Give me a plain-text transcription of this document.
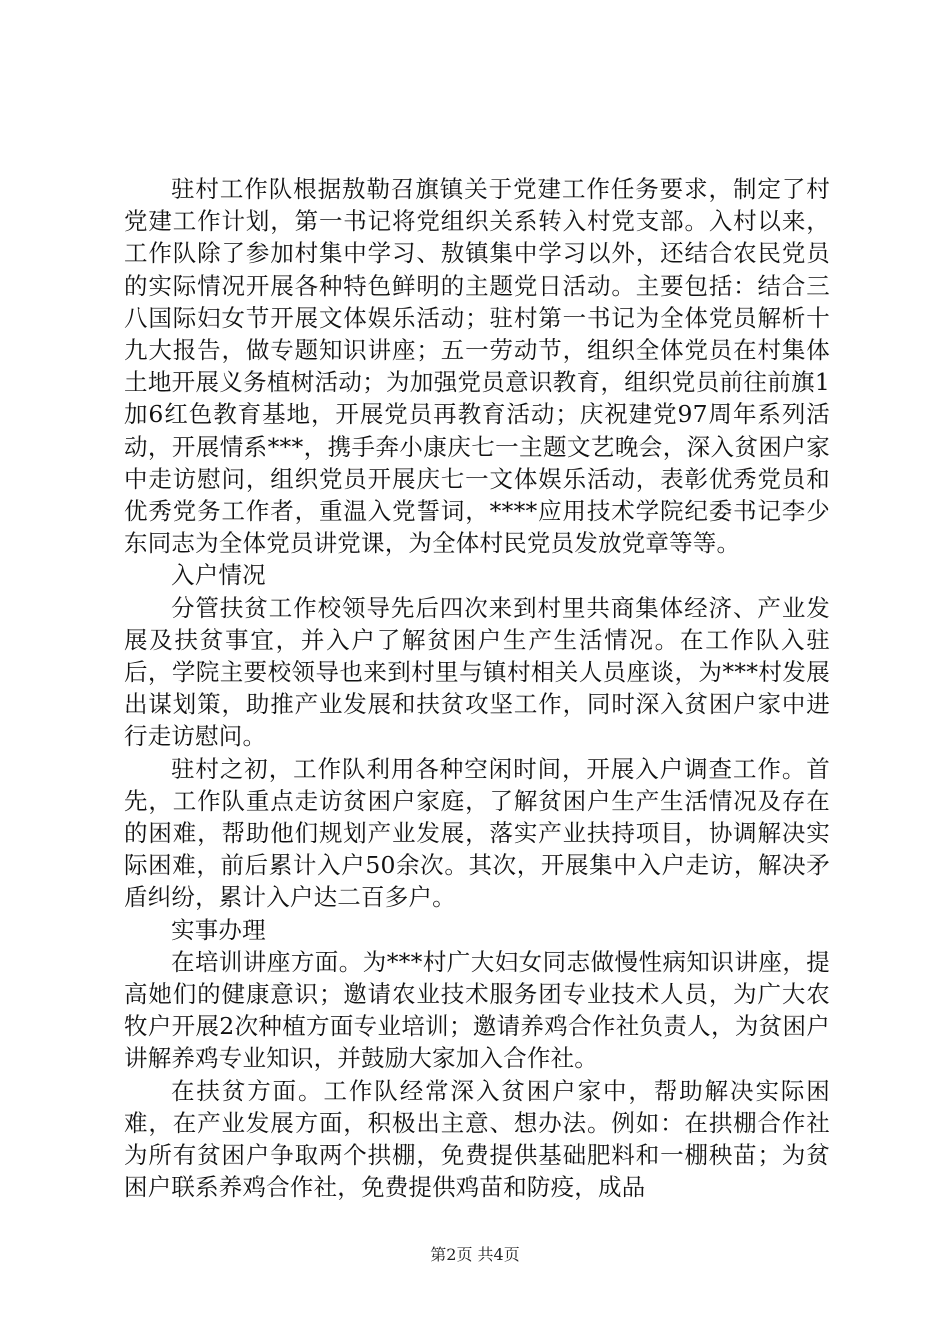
驻村工作队根据敖勒召旗镇关于党建工作任务要求，制定了村党建工作计划，第一书记将党组织关系转入村党支部。入村以来，工作队除了参加村集中学习、敖镇集中学习以外，还结合农民党员的实际情况开展各种特色鲜明的主题党日活动。主要包括：结合三八国际妇女节开展文体娱乐活动；驻村第一书记为全体党员解析十九大报告，做专题知识讲座；五一劳动节，组织全体党员在村集体土地开展义务植树活动；为加强党员意识教育，组织党员前往前旗1加6红色教育基地，开展党员再教育活动；庆祝建党97周年系列活动，开展情系***，携手奔小康庆七一主题文艺晚会，深入贫困户家中走访慰问，组织党员开展庆七一文体娱乐活动，表彰优秀党员和优秀党务工作者，重温入党誓词，****应用技术学院纪委书记李少东同志为全体党员讲党课，为全体村民党员发放党章等等。

入户情况

分管扶贫工作校领导先后四次来到村里共商集体经济、产业发展及扶贫事宜，并入户了解贫困户生产生活情况。在工作队入驻后，学院主要校领导也来到村里与镇村相关人员座谈，为***村发展出谋划策，助推产业发展和扶贫攻坚工作，同时深入贫困户家中进行走访慰问。

驻村之初，工作队利用各种空闲时间，开展入户调查工作。首先，工作队重点走访贫困户家庭，了解贫困户生产生活情况及存在的困难，帮助他们规划产业发展，落实产业扶持项目，协调解决实际困难，前后累计入户50余次。其次，开展集中入户走访，解决矛盾纠纷，累计入户达二百多户。

实事办理

在培训讲座方面。为***村广大妇女同志做慢性病知识讲座，提高她们的健康意识；邀请农业技术服务团专业技术人员，为广大农牧户开展2次种植方面专业培训；邀请养鸡合作社负责人，为贫困户讲解养鸡专业知识，并鼓励大家加入合作社。

在扶贫方面。工作队经常深入贫困户家中，帮助解决实际困难，在产业发展方面，积极出主意、想办法。例如：在拱棚合作社为所有贫困户争取两个拱棚，免费提供基础肥料和一棚秧苗；为贫困户联系养鸡合作社，免费提供鸡苗和防疫，成品

第2页 共4页
